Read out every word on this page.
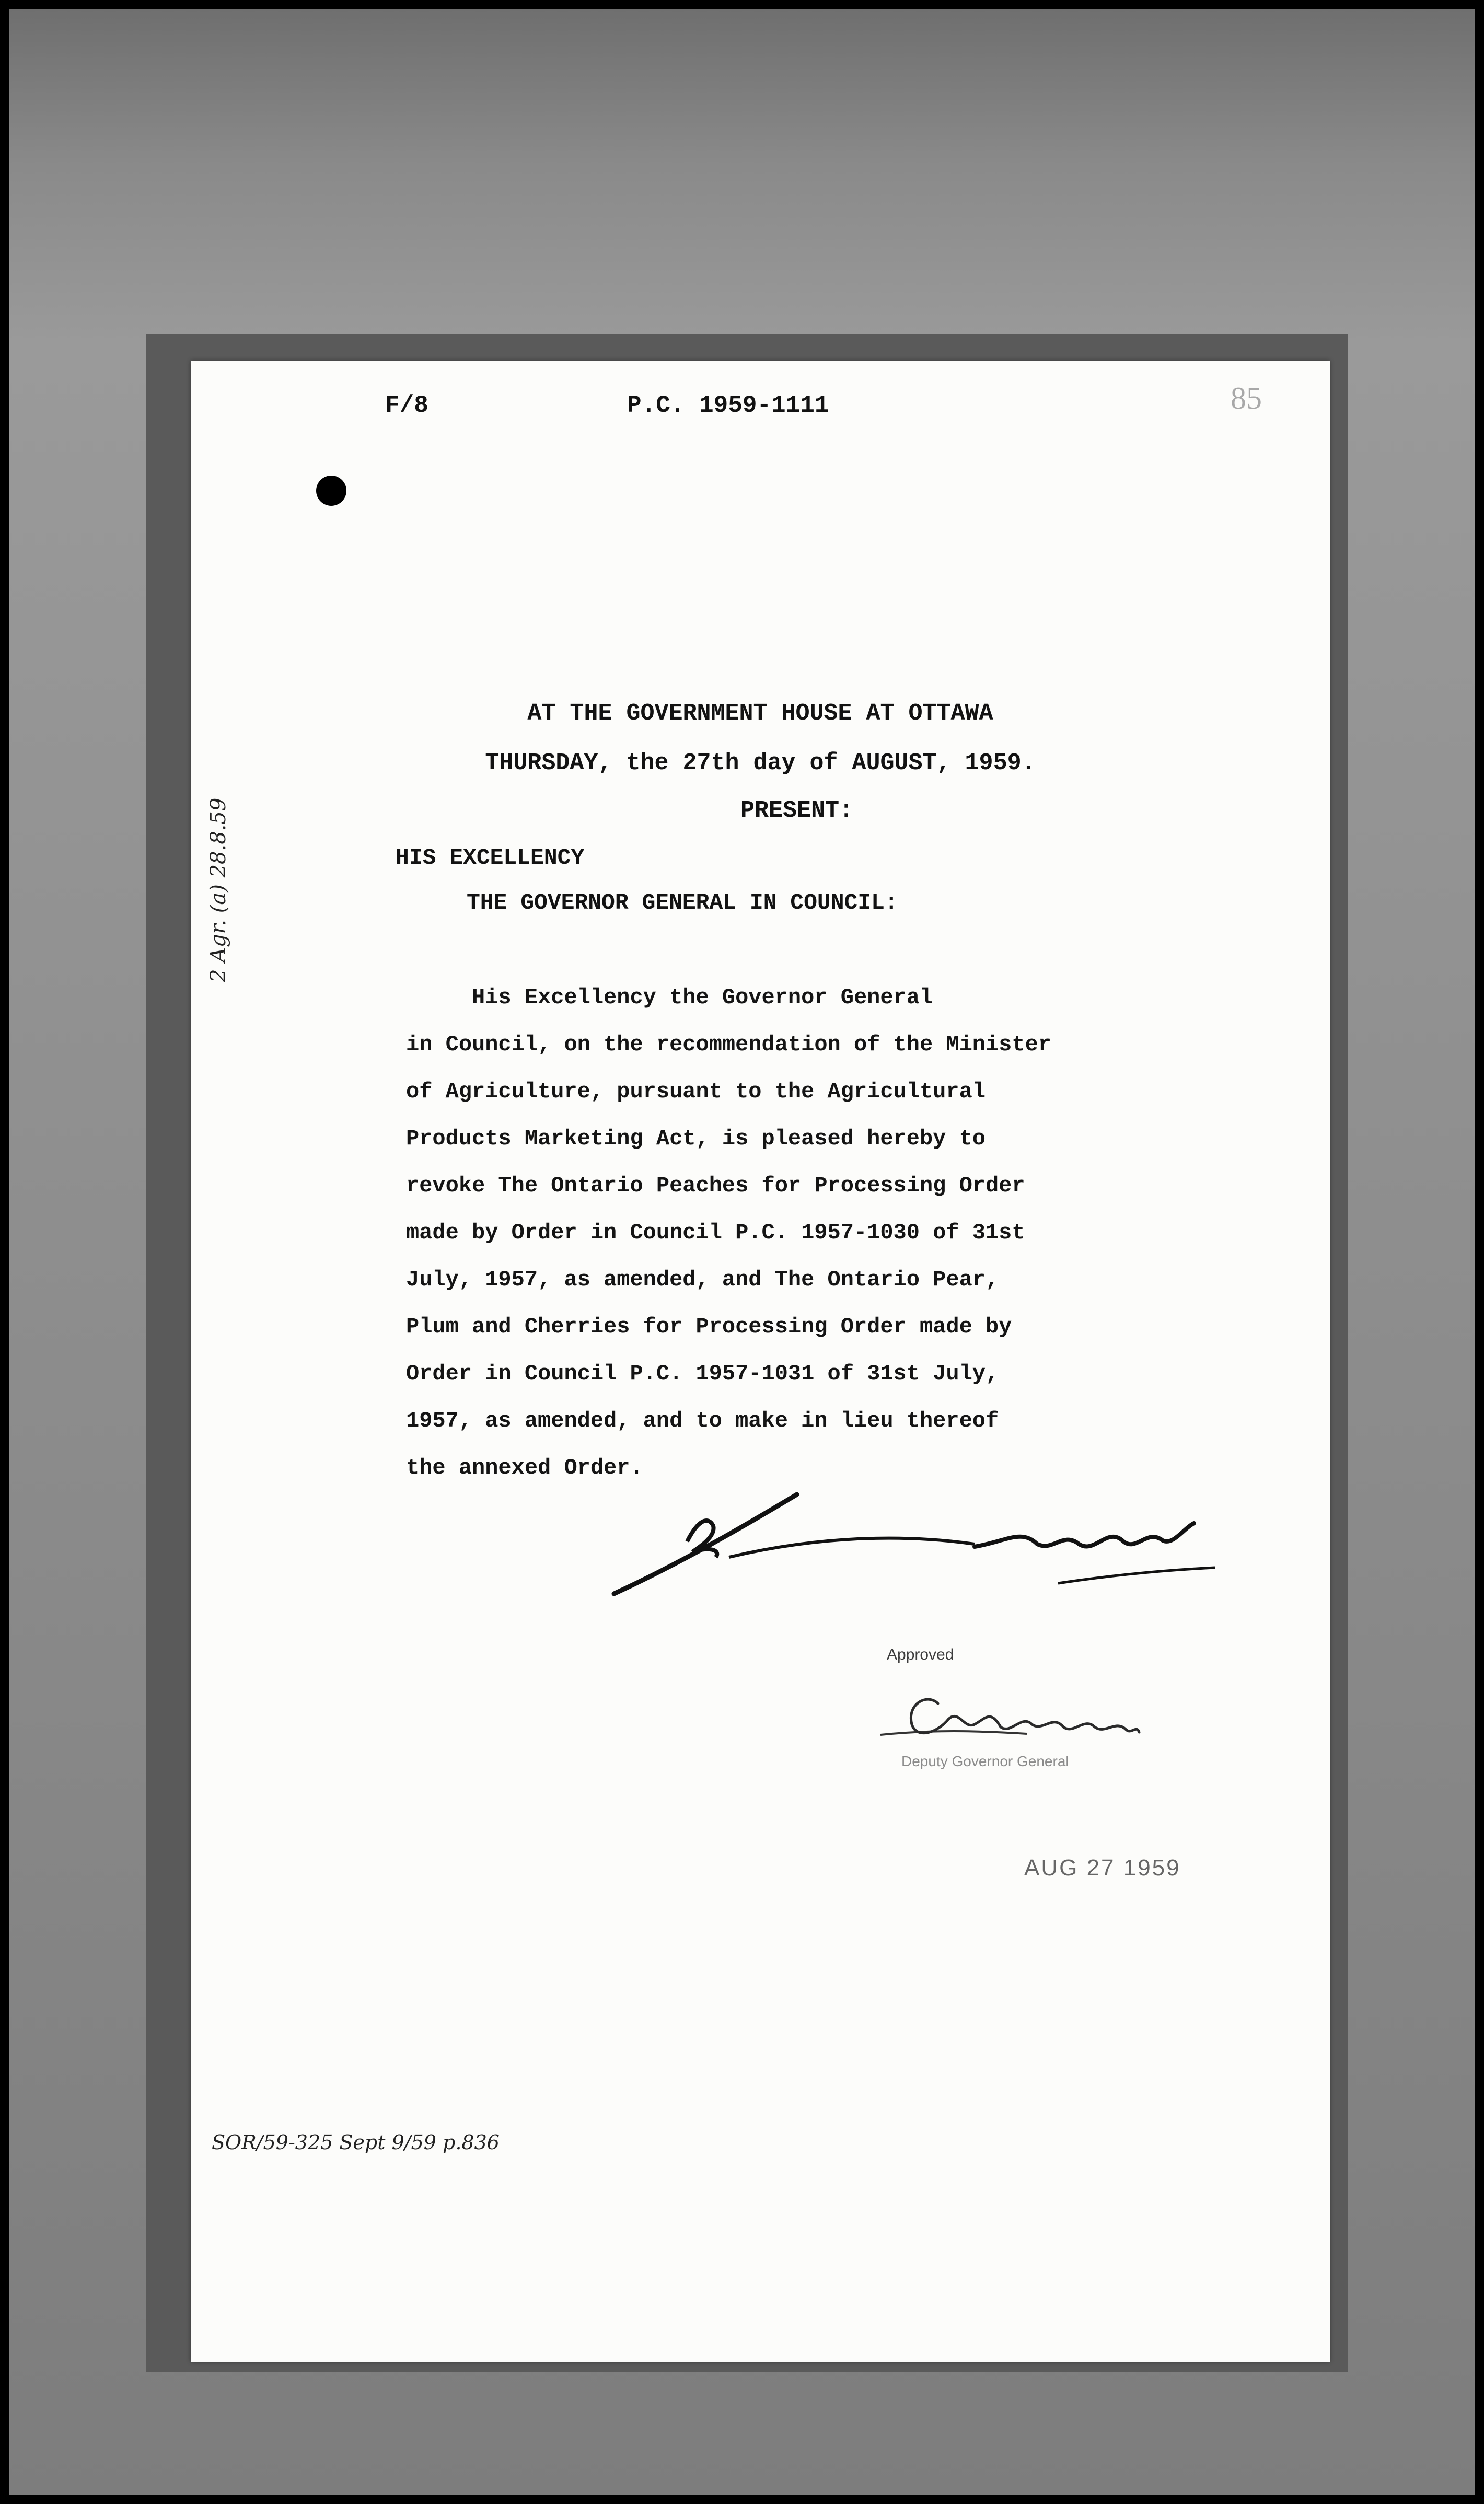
F/8	P.C. 1959-1111	85
AT THE GOVERNMENT HOUSE AT OTTAWA
THURSDAY, the 27th day of AUGUST, 1959.
PRESENT:
HIS EXCELLENCY
THE GOVERNOR GENERAL IN COUNCIL:
His Excellency the Governor General
in Council, on the recommendation of the Minister
of Agriculture, pursuant to the Agricultural
Products Marketing Act, is pleased hereby to
revoke The Ontario Peaches for Processing Order
made by Order in Council P.C. 1957-1030 of 31st
July, 1957, as amended, and The Ontario Pear,
Plum and Cherries for Processing Order made by
Order in Council P.C. 1957-1031 of 31st July,
1957, as amended, and to make in lieu thereof
the annexed Order.
Approved
Deputy Governor General
AUG 27 1959
2 Agr. (a) 28.8.59
SOR/59-325 Sept 9/59 p.836
